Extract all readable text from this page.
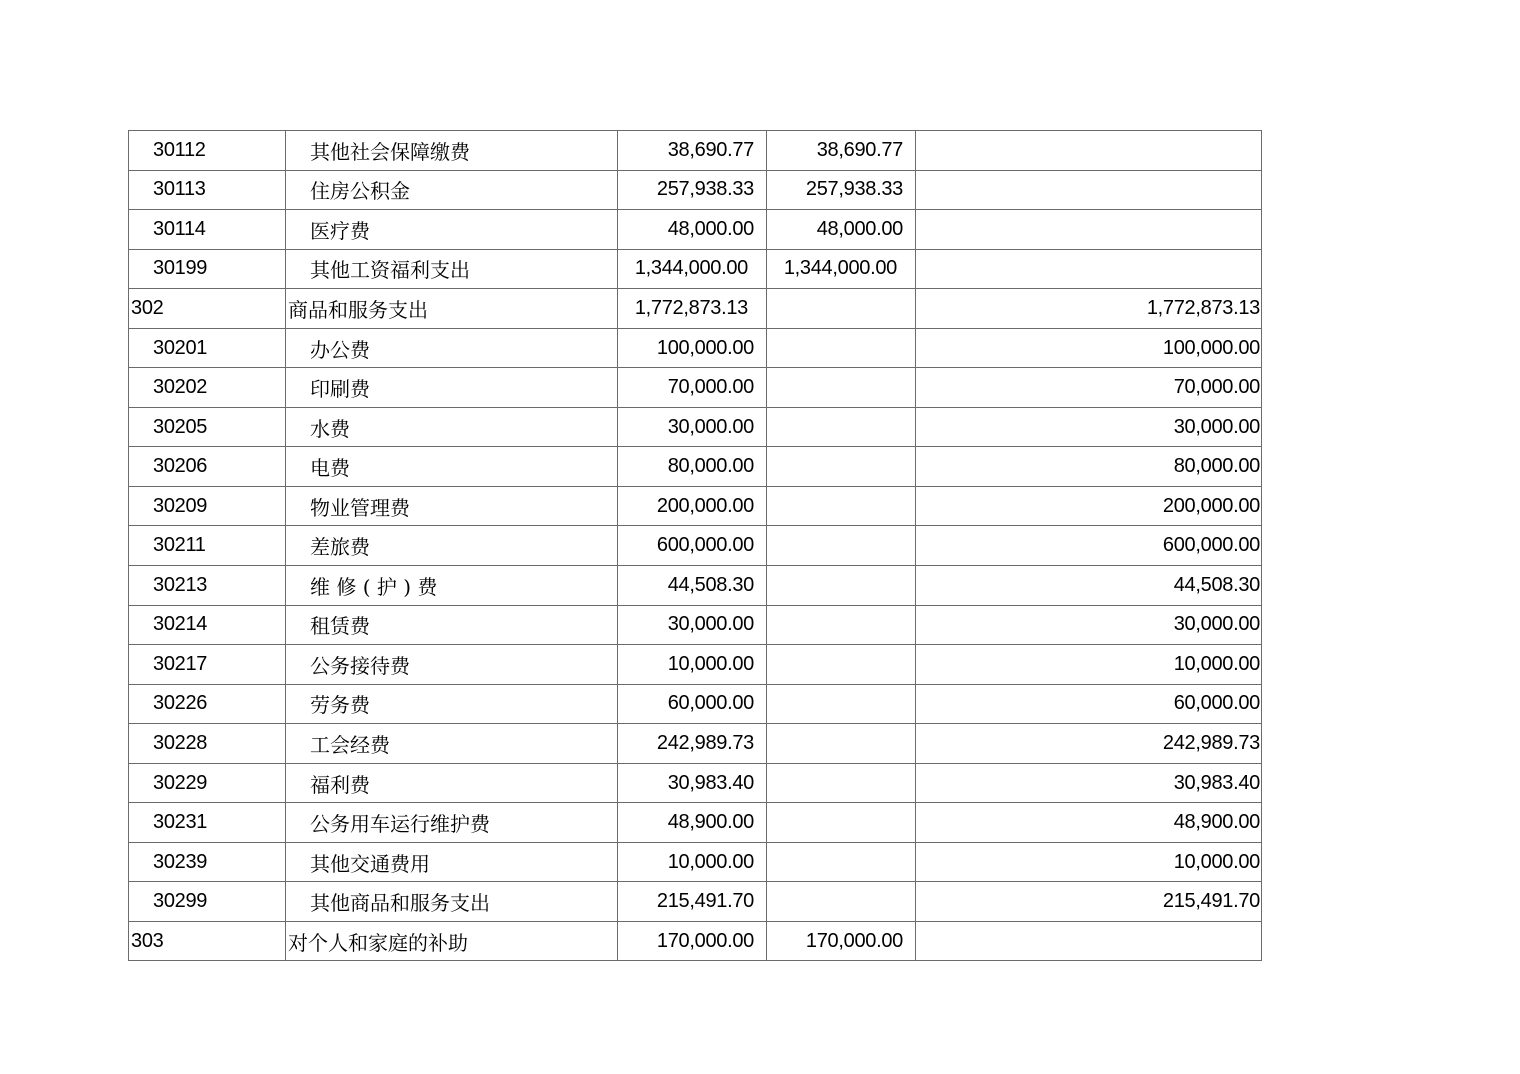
30112	其他社会保障缴费	38,690.77	38,690.77	
30113	住房公积金	257,938.33	257,938.33	
30114	医疗费	48,000.00	48,000.00	
30199	其他工资福利支出	1,344,000.00	1,344,000.00	
302	商品和服务支出	1,772,873.13		1,772,873.13
30201	办公费	100,000.00		100,000.00
30202	印刷费	70,000.00		70,000.00
30205	水费	30,000.00		30,000.00
30206	电费	80,000.00		80,000.00
30209	物业管理费	200,000.00		200,000.00
30211	差旅费	600,000.00		600,000.00
30213	维 修 ( 护 ) 费	44,508.30		44,508.30
30214	租赁费	30,000.00		30,000.00
30217	公务接待费	10,000.00		10,000.00
30226	劳务费	60,000.00		60,000.00
30228	工会经费	242,989.73		242,989.73
30229	福利费	30,983.40		30,983.40
30231	公务用车运行维护费	48,900.00		48,900.00
30239	其他交通费用	10,000.00		10,000.00
30299	其他商品和服务支出	215,491.70		215,491.70
303	对个人和家庭的补助	170,000.00	170,000.00	
